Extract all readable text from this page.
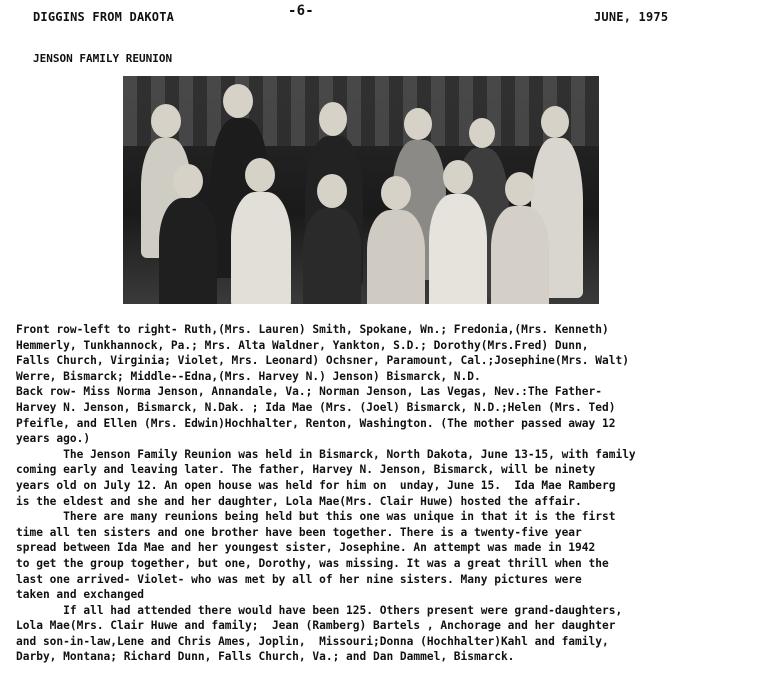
DIGGINS FROM DAKOTA	-6-	JUNE, 1975
JENSON FAMILY REUNION
Front row-left to right- Ruth,(Mrs. Lauren) Smith, Spokane, Wn.; Fredonia,(Mrs. Kenneth)
Hemmerly, Tunkhannock, Pa.; Mrs. Alta Waldner, Yankton, S.D.; Dorothy(Mrs.Fred) Dunn,
Falls Church, Virginia; Violet, Mrs. Leonard) Ochsner, Paramount, Cal.;Josephine(Mrs. Walt)
Werre, Bismarck; Middle--Edna,(Mrs. Harvey N.) Jenson) Bismarck, N.D.
Back row- Miss Norma Jenson, Annandale, Va.; Norman Jenson, Las Vegas, Nev.:The Father-
Harvey N. Jenson, Bismarck, N.Dak. ; Ida Mae (Mrs. (Joel) Bismarck, N.D.;Helen (Mrs. Ted)
Pfeifle, and Ellen (Mrs. Edwin)Hochhalter, Renton, Washington. (The mother passed away 12
years ago.)
The Jenson Family Reunion was held in Bismarck, North Dakota, June 13-15, with family
coming early and leaving later. The father, Harvey N. Jenson, Bismarck, will be ninety
years old on July 12. An open house was held for him on  unday, June 15.  Ida Mae Ramberg
is the eldest and she and her daughter, Lola Mae(Mrs. Clair Huwe) hosted the affair.
There are many reunions being held but this one was unique in that it is the first
time all ten sisters and one brother have been together. There is a twenty-five year
spread between Ida Mae and her youngest sister, Josephine. An attempt was made in 1942
to get the group together, but one, Dorothy, was missing. It was a great thrill when the
last one arrived- Violet- who was met by all of her nine sisters. Many pictures were
taken and exchanged
If all had attended there would have been 125. Others present were grand-daughters,
Lola Mae(Mrs. Clair Huwe and family;  Jean (Ramberg) Bartels , Anchorage and her daughter
and son-in-law,Lene and Chris Ames, Joplin,  Missouri;Donna (Hochhalter)Kahl and family,
Darby, Montana; Richard Dunn, Falls Church, Va.; and Dan Dammel, Bismarck.
